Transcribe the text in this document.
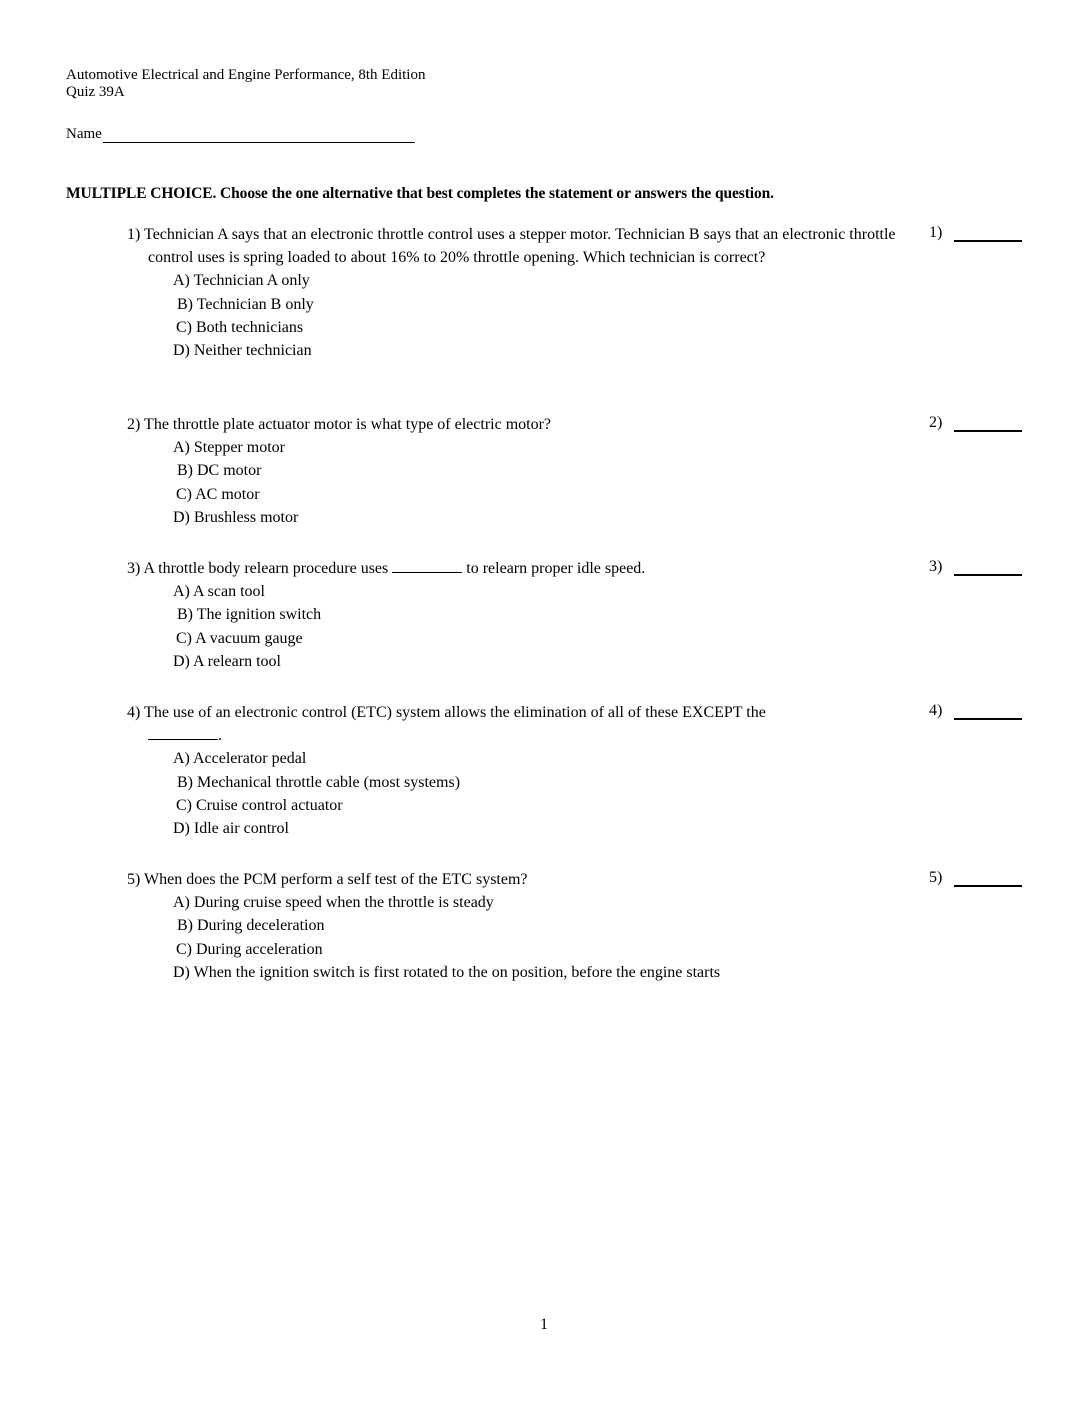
Automotive Electrical and Engine Performance, 8th Edition
Quiz 39A
Name
MULTIPLE CHOICE. Choose the one alternative that best completes the statement or answers the question.
1) Technician A says that an electronic throttle control uses a stepper motor. Technician B says that an electronic throttle control uses is spring loaded to about 16% to 20% throttle opening. Which technician is correct?
A) Technician A only
B) Technician B only
C) Both technicians
D) Neither technician
1)
2) The throttle plate actuator motor is what type of electric motor?
A) Stepper motor
B) DC motor
C) AC motor
D) Brushless motor
2)
3) A throttle body relearn procedure uses	to relearn proper idle speed.
A) A scan tool
B) The ignition switch
C) A vacuum gauge
D) A relearn tool
3)
4) The use of an electronic control (ETC) system allows the elimination of all of these EXCEPT the
.
A) Accelerator pedal
B) Mechanical throttle cable (most systems)
C) Cruise control actuator
D) Idle air control
4)
5) When does the PCM perform a self test of the ETC system?
A) During cruise speed when the throttle is steady
B) During deceleration
C) During acceleration
D) When the ignition switch is first rotated to the on position, before the engine starts
5)
1
